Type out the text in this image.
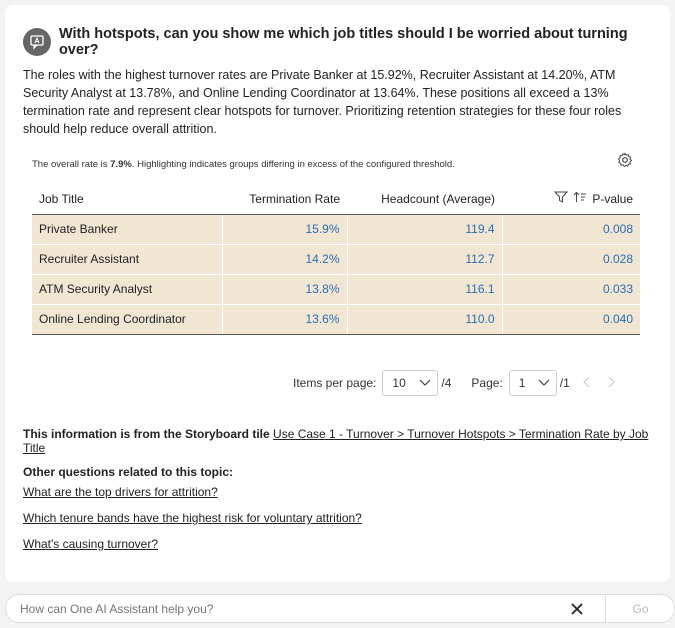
With hotspots, can you show me which job titles should I be worried about turning over?

The roles with the highest turnover rates are Private Banker at 15.92%, Recruiter Assistant at 14.20%, ATM Security Analyst at 13.78%, and Online Lending Coordinator at 13.64%. These positions all exceed a 13% termination rate and represent clear hotspots for turnover. Prioritizing retention strategies for these four roles should help reduce overall attrition.

The overall rate is 7.9%. Highlighting indicates groups differing in excess of the configured threshold.
Job Title	Termination Rate	Headcount (Average)	P-value

Private Banker	15.9%	119.4	0.008
Recruiter Assistant	14.2%	112.7	0.028
ATM Security Analyst	13.8%	116.1	0.033
Online Lending Coordinator	13.6%	110.0	0.040
Items per page: 10	/4 Page: 1	/1
This information is from the Storyboard tile Use Case 1 - Turnover > Turnover Hotspots > Termination Rate by Job Title
Other questions related to this topic:
What are the top drivers for attrition?
Which tenure bands have the highest risk for voluntary attrition?
What's causing turnover?
How can One AI Assistant help you?
Go
